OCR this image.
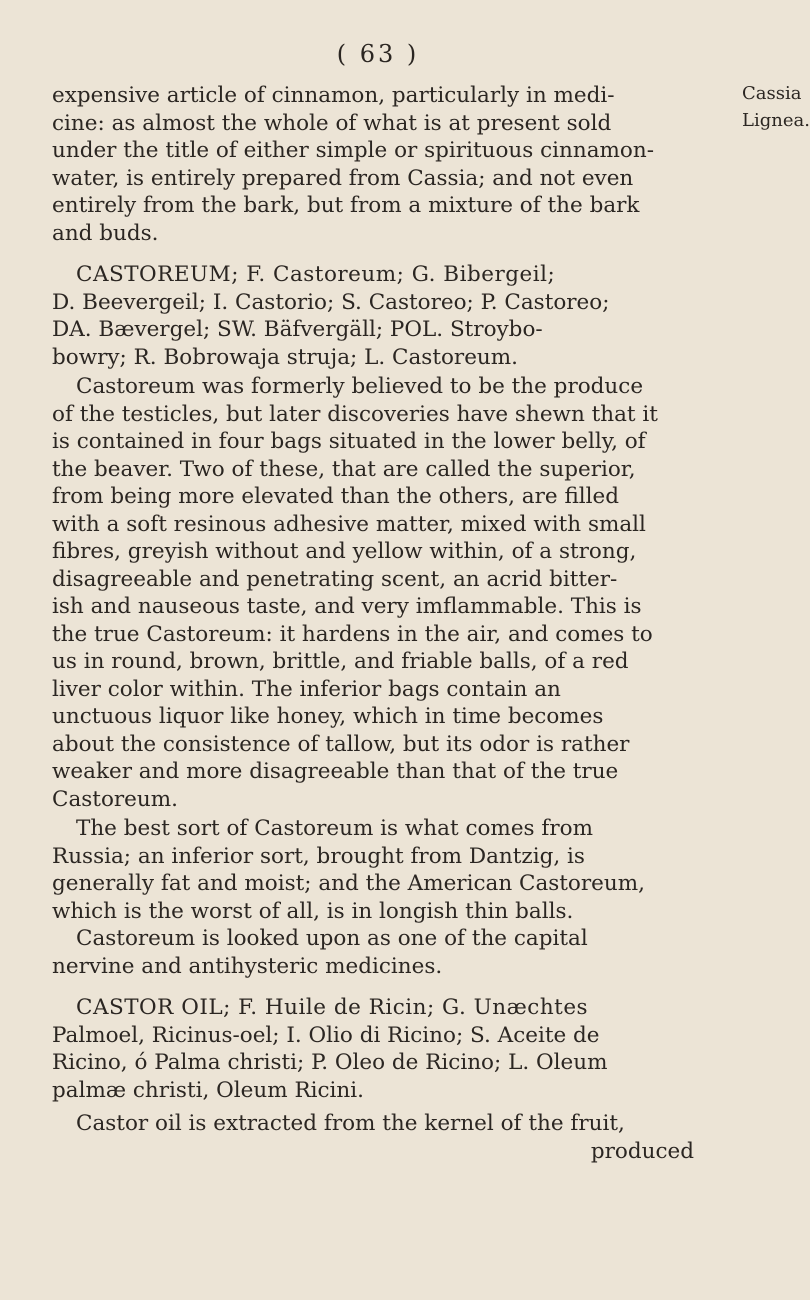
( 63 )
Cassia
Lignea.
expensive article of cinnamon, particularly in medi-
cine: as almost the whole of what is at present sold
under the title of either simple or spirituous cinnamon-
water, is entirely prepared from Cassia; and not even
entirely from the bark, but from a mixture of the bark
and buds.
CASTOREUM; F. Castoreum; G. Bibergeil;
D. Beevergeil; I. Castorio; S. Castoreo; P. Castoreo;
DA. Bævergel; SW. Bäfvergäll; POL. Stroybo-
bowry; R. Bobrowaja struja; L. Castoreum.
Castoreum was formerly believed to be the produce
of the testicles, but later discoveries have shewn that it
is contained in four bags situated in the lower belly, of
the beaver. Two of these, that are called the superior,
from being more elevated than the others, are filled
with a soft resinous adhesive matter, mixed with small
fibres, greyish without and yellow within, of a strong,
disagreeable and penetrating scent, an acrid bitter-
ish and nauseous taste, and very imflammable. This is
the true Castoreum: it hardens in the air, and comes to
us in round, brown, brittle, and friable balls, of a red
liver color within. The inferior bags contain an
unctuous liquor like honey, which in time becomes
about the consistence of tallow, but its odor is rather
weaker and more disagreeable than that of the true
Castoreum.
The best sort of Castoreum is what comes from
Russia; an inferior sort, brought from Dantzig, is
generally fat and moist; and the American Castoreum,
which is the worst of all, is in longish thin balls.
Castoreum is looked upon as one of the capital
nervine and antihysteric medicines.
CASTOR OIL; F. Huile de Ricin; G. Unæchtes
Palmoel, Ricinus-oel; I. Olio di Ricino; S. Aceite de
Ricino, ó Palma christi; P. Oleo de Ricino; L. Oleum
palmæ christi, Oleum Ricini.
Castor oil is extracted from the kernel of the fruit,
produced
